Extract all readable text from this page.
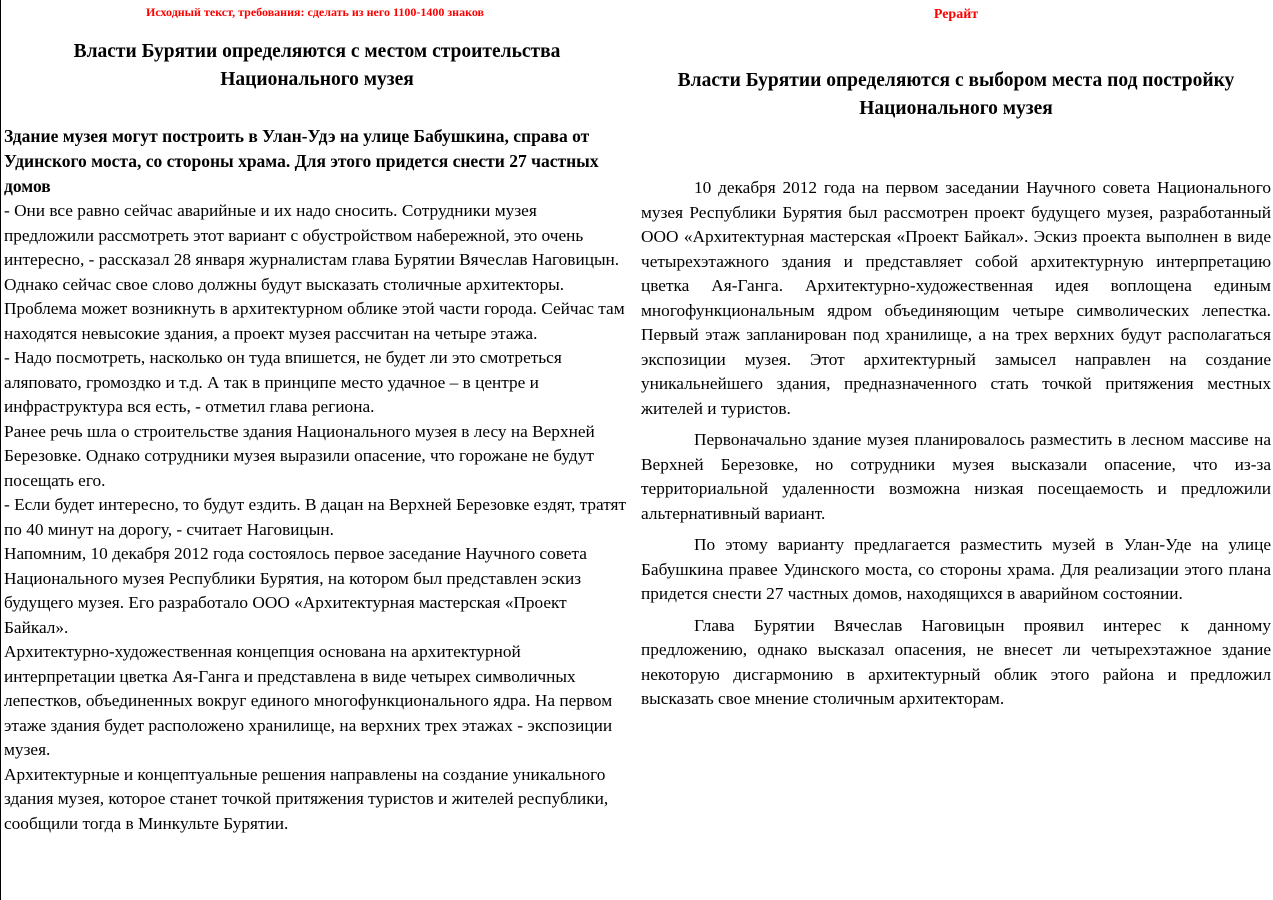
Исходный текст, требования: сделать из него 1100-1400 знаков
Власти Бурятии определяются с местом строительства Национального музея
Здание музея могут построить в Улан-Удэ на улице Бабушкина, справа от Удинского моста, со стороны храма. Для этого придется снести 27 частных домов

- Они все равно сейчас аварийные и их надо сносить. Сотрудники музея предложили рассмотреть этот вариант с обустройством набережной, это очень интересно, - рассказал 28 января журналистам глава Бурятии Вячеслав Наговицын.

Однако сейчас свое слово должны будут высказать столичные архитекторы.

Проблема может возникнуть в архитектурном облике этой части города. Сейчас там находятся невысокие здания, а проект музея рассчитан на четыре этажа.

- Надо посмотреть, насколько он туда впишется, не будет ли это смотреться аляповато, громоздко и т.д. А так в принципе место удачное – в центре и инфраструктура вся есть, - отметил глава региона.

Ранее речь шла о строительстве здания Национального музея в лесу на Верхней Березовке. Однако сотрудники музея выразили опасение, что горожане не будут посещать его.

- Если будет интересно, то будут ездить. В дацан на Верхней Березовке ездят, тратят по 40 минут на дорогу, - считает Наговицын.

Напомним, 10 декабря 2012 года состоялось первое заседание Научного совета Национального музея Республики Бурятия, на котором был представлен эскиз будущего музея. Его разработало ООО «Архитектурная мастерская «Проект Байкал».

Архитектурно-художественная концепция основана на архитектурной интерпретации цветка Ая-Ганга и представлена в виде четырех символичных лепестков, объединенных вокруг единого многофункционального ядра. На первом этаже здания будет расположено хранилище, на верхних трех этажах - экспозиции музея.

Архитектурные и концептуальные решения направлены на создание уникального здания музея, которое станет точкой притяжения туристов и жителей республики, сообщили тогда в Минкульте Бурятии.

Рерайт
Власти Бурятии определяются с выбором места под постройку Национального музея

10 декабря 2012 года на первом заседании Научного совета Национального музея Республики Бурятия был рассмотрен проект будущего музея, разработанный ООО «Архитектурная мастерская «Проект Байкал». Эскиз проекта выполнен в виде четырехэтажного здания и представляет собой архитектурную интерпретацию цветка Ая-Ганга. Архитектурно-художественная идея воплощена единым многофункциональным ядром объединяющим четыре символических лепестка. Первый этаж запланирован под хранилище, а на трех верхних будут располагаться экспозиции музея. Этот архитектурный замысел направлен на создание уникальнейшего здания, предназначенного стать точкой притяжения местных жителей и туристов.

Первоначально здание музея планировалось разместить в лесном массиве на Верхней Березовке, но сотрудники музея высказали опасение, что из-за территориальной удаленности возможна низкая посещаемость и предложили альтернативный вариант.

По этому варианту предлагается разместить музей в Улан-Уде на улице Бабушкина правее Удинского моста, со стороны храма. Для реализации этого плана придется снести 27 частных домов, находящихся в аварийном состоянии.

Глава Бурятии Вячеслав Наговицын проявил интерес к данному предложению, однако высказал опасения, не внесет ли четырехэтажное здание некоторую дисгармонию в архитектурный облик этого района и предложил высказать свое мнение столичным архитекторам.
